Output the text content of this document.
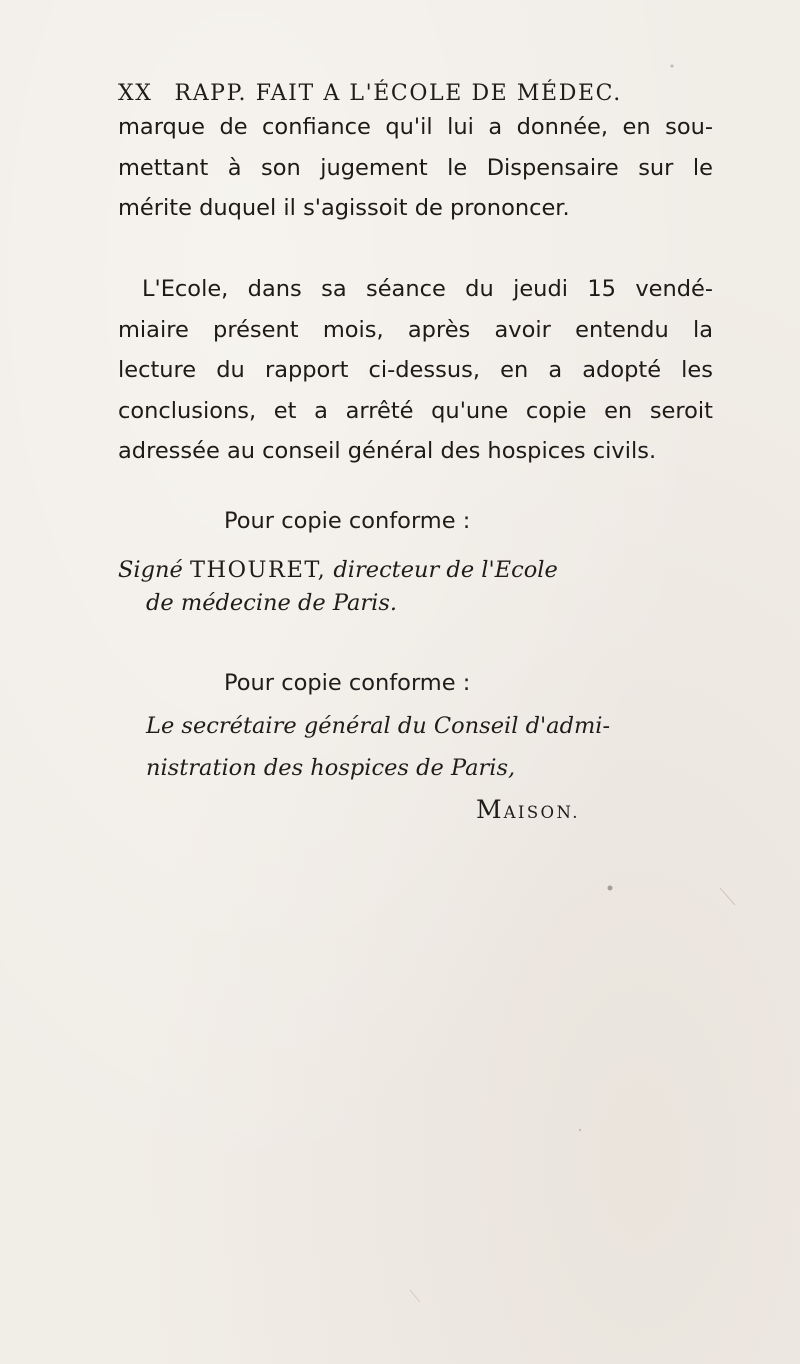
XX RAPP. FAIT A L'ÉCOLE DE MÉDEC.
marque de confiance qu'il lui a donnée, en sou-
mettant à son jugement le Dispensaire sur le
mérite duquel il s'agissoit de prononcer.
L'Ecole, dans sa séance du jeudi 15 vendé-
miaire présent mois, après avoir entendu la
lecture du rapport ci-dessus, en a adopté les
conclusions, et a arrêté qu'une copie en seroit
adressée au conseil général des hospices civils.
Pour copie conforme :
Signé THOURET, directeur de l'Ecole
de médecine de Paris.
Pour copie conforme :
Le secrétaire général du Conseil d'admi-
nistration des hospices de Paris,
MAISON.
